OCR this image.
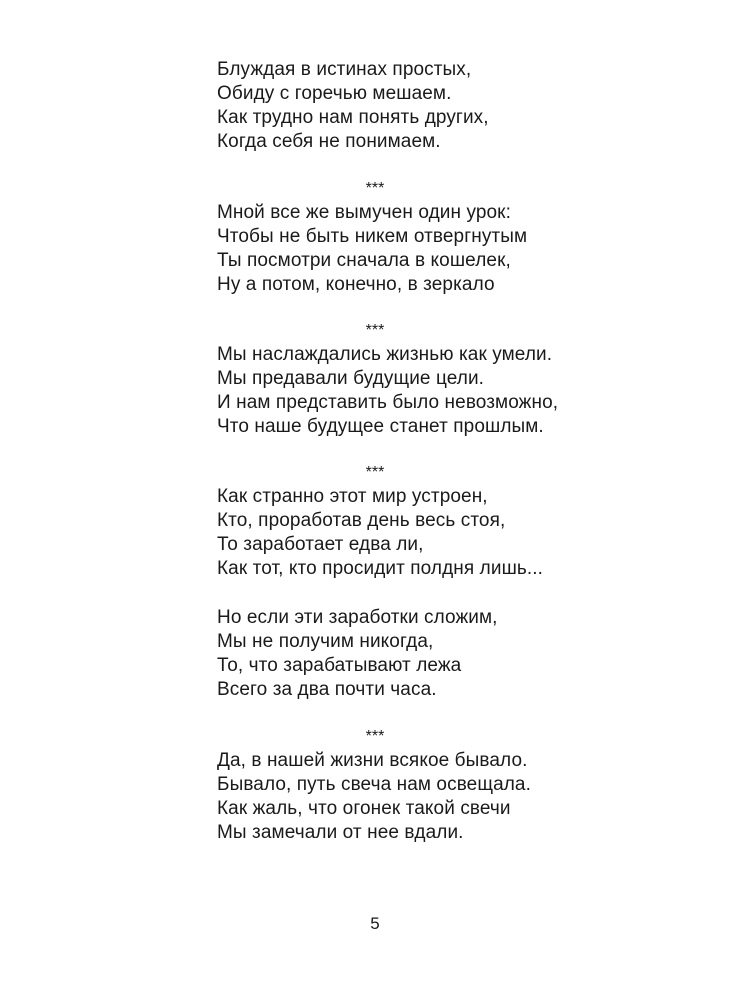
Блуждая в истинах простых,
Обиду с горечью мешаем.
Как трудно нам понять других,
Когда себя не понимаем.
***
Мной все же вымучен один урок:
Чтобы не быть никем отвергнутым
Ты посмотри сначала в кошелек,
Ну а потом, конечно, в зеркало
***
Мы наслаждались жизнью как умели.
Мы предавали будущие цели.
И нам представить было невозможно,
Что наше будущее станет прошлым.
***
Как странно этот мир устроен,
Кто, проработав день весь стоя,
То заработает едва ли,
Как тот, кто просидит полдня лишь...
Но если эти заработки сложим,
Мы не получим никогда,
То, что зарабатывают лежа
Всего за два почти часа.
***
Да, в нашей жизни всякое бывало.
Бывало, путь свеча нам освещала.
Как жаль, что огонек такой свечи
Мы замечали от нее вдали.
5
